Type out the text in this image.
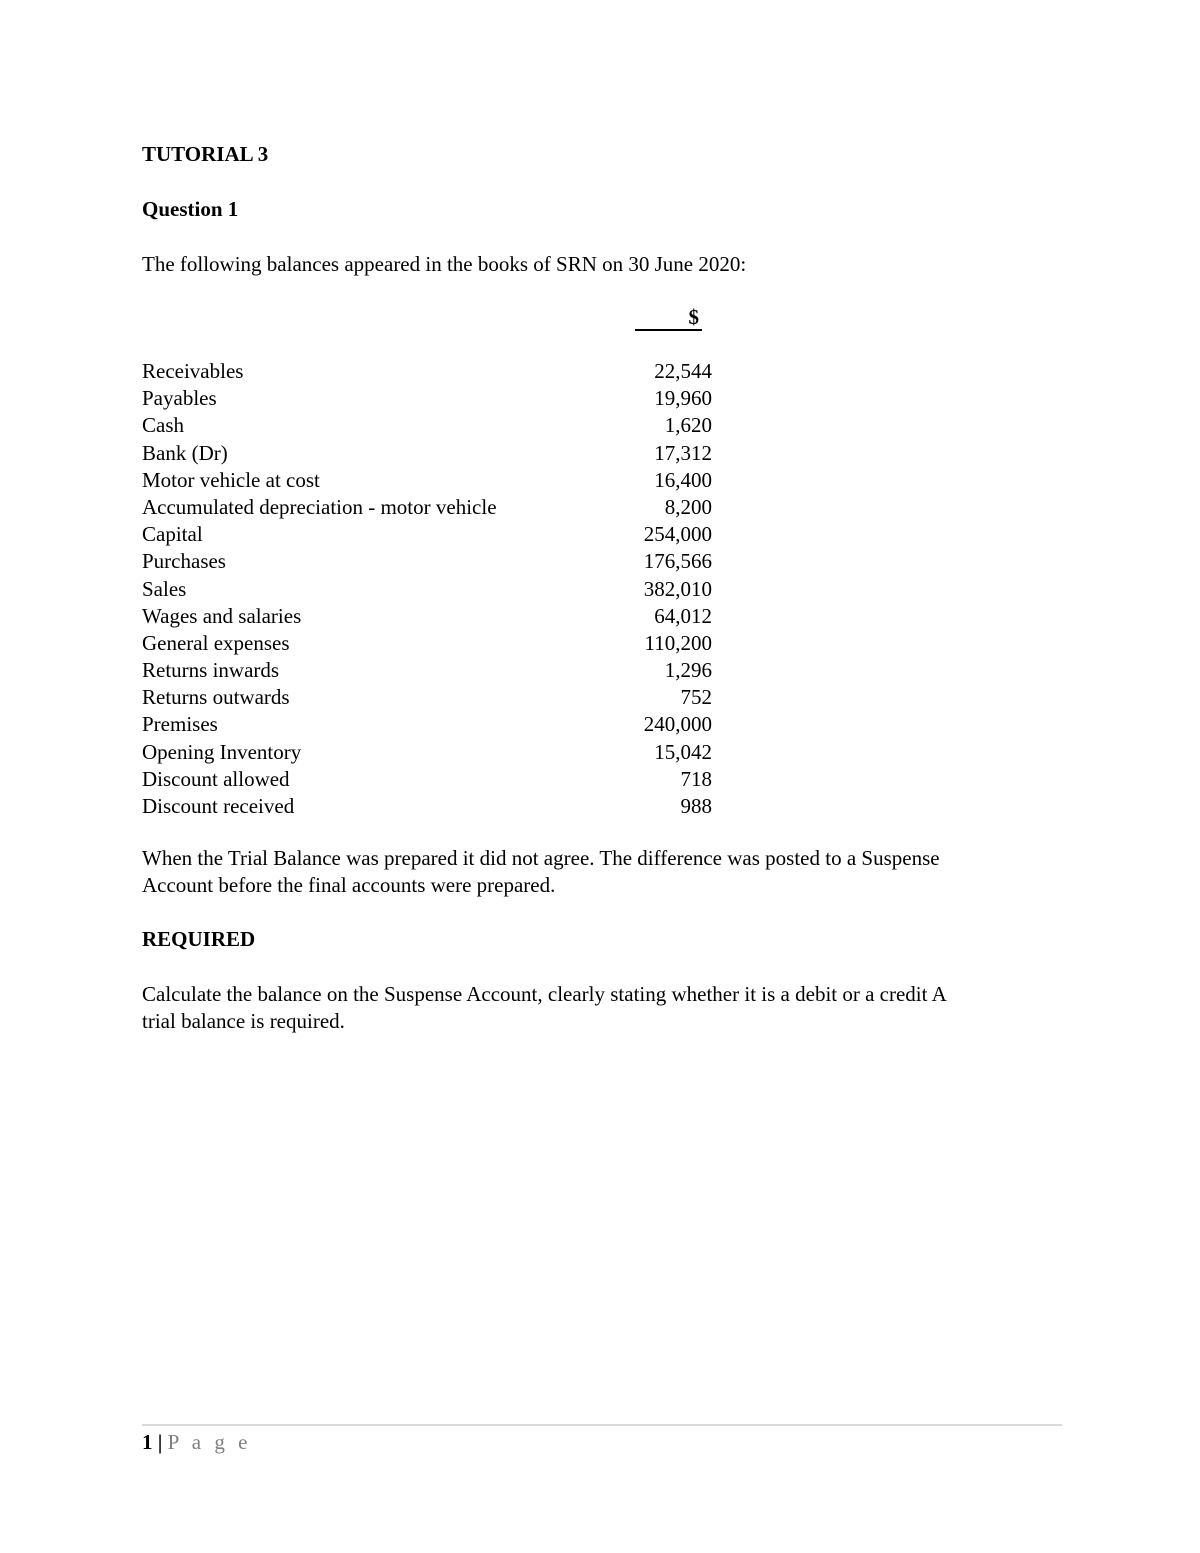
TUTORIAL 3
Question 1
The following balances appeared in the books of SRN on 30 June 2020:
$
Receivables	22,544
Payables	19,960
Cash	1,620
Bank (Dr)	17,312
Motor vehicle at cost	16,400
Accumulated depreciation - motor vehicle	8,200
Capital	254,000
Purchases	176,566
Sales	382,010
Wages and salaries	64,012
General expenses	110,200
Returns inwards	1,296
Returns outwards	752
Premises	240,000
Opening Inventory	15,042
Discount allowed	718
Discount received	988
When the Trial Balance was prepared it did not agree. The difference was posted to a Suspense
Account before the final accounts were prepared.
REQUIRED
Calculate the balance on the Suspense Account, clearly stating whether it is a debit or a credit A
trial balance is required.
1 | P a g e
